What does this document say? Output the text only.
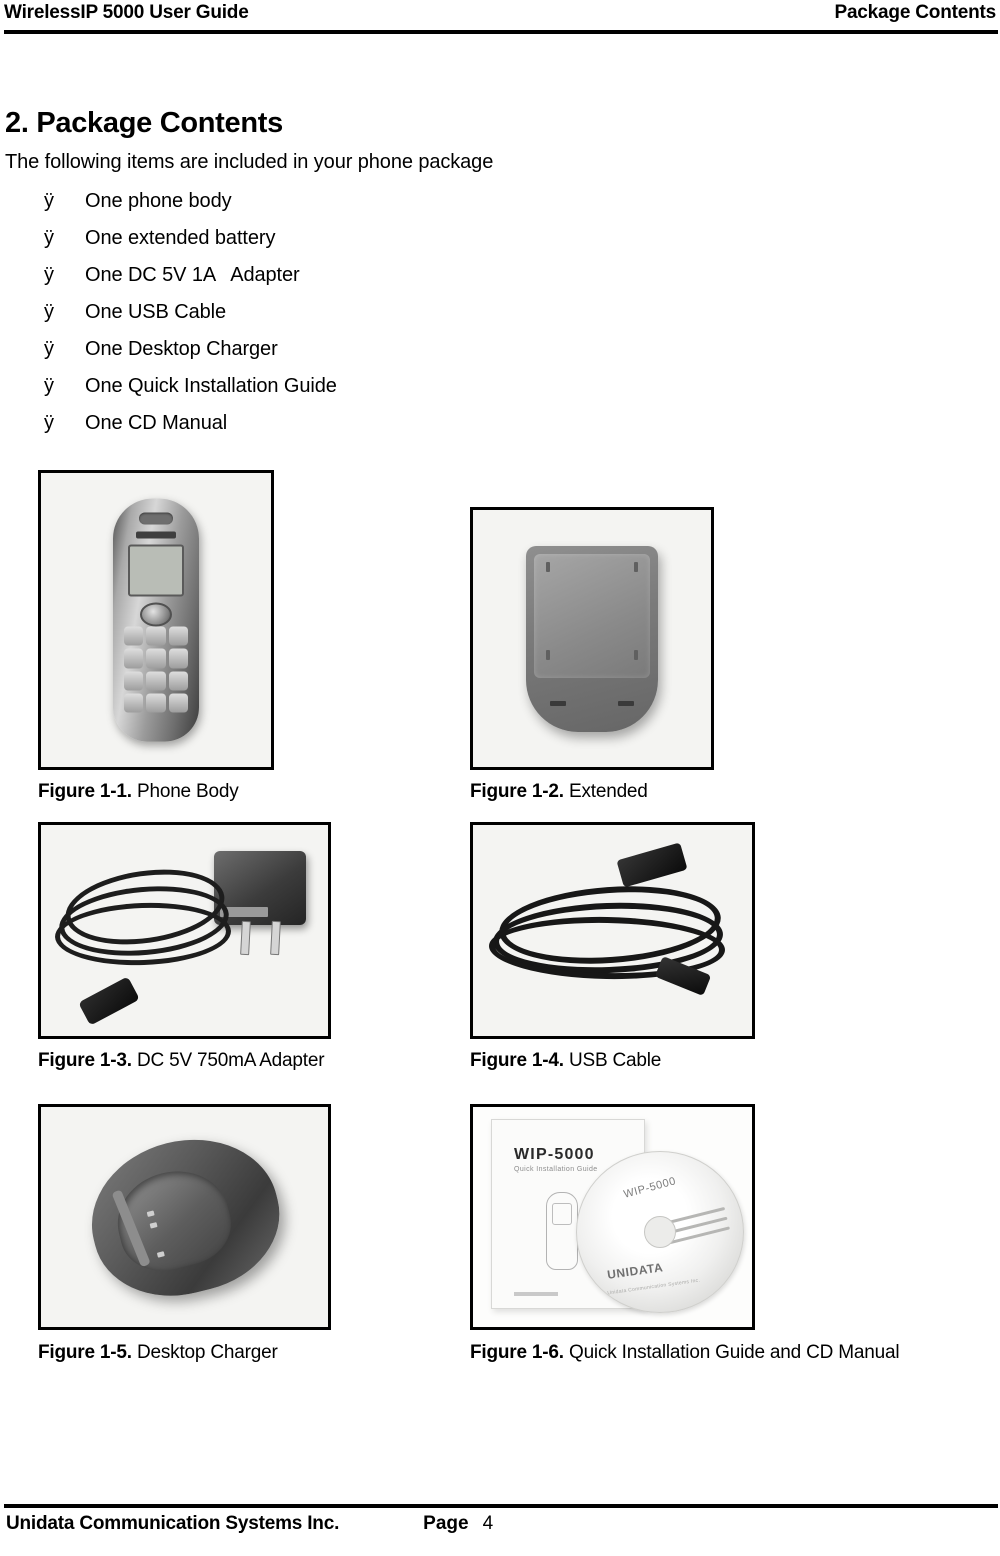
WirelessIP 5000 User Guide	Package Contents
2. Package Contents

The following items are included in your phone package

ÿ	One phone body
ÿ	One extended battery
ÿ	One DC 5V 1A   Adapter
ÿ	One USB Cable
ÿ	One Desktop Charger
ÿ	One Quick Installation Guide
ÿ	One CD Manual
Figure 1-1. Phone Body	Figure 1-2. Extended
Figure 1-3. DC 5V 750mA Adapter	Figure 1-4. USB Cable
Figure 1-5. Desktop Charger
WIP-5000
Quick Installation Guide
WIP-5000
UNIDATA
Unidata Communication Systems Inc.
Figure 1-6. Quick Installation Guide and CD Manual
Unidata Communication Systems Inc.	Page 4
